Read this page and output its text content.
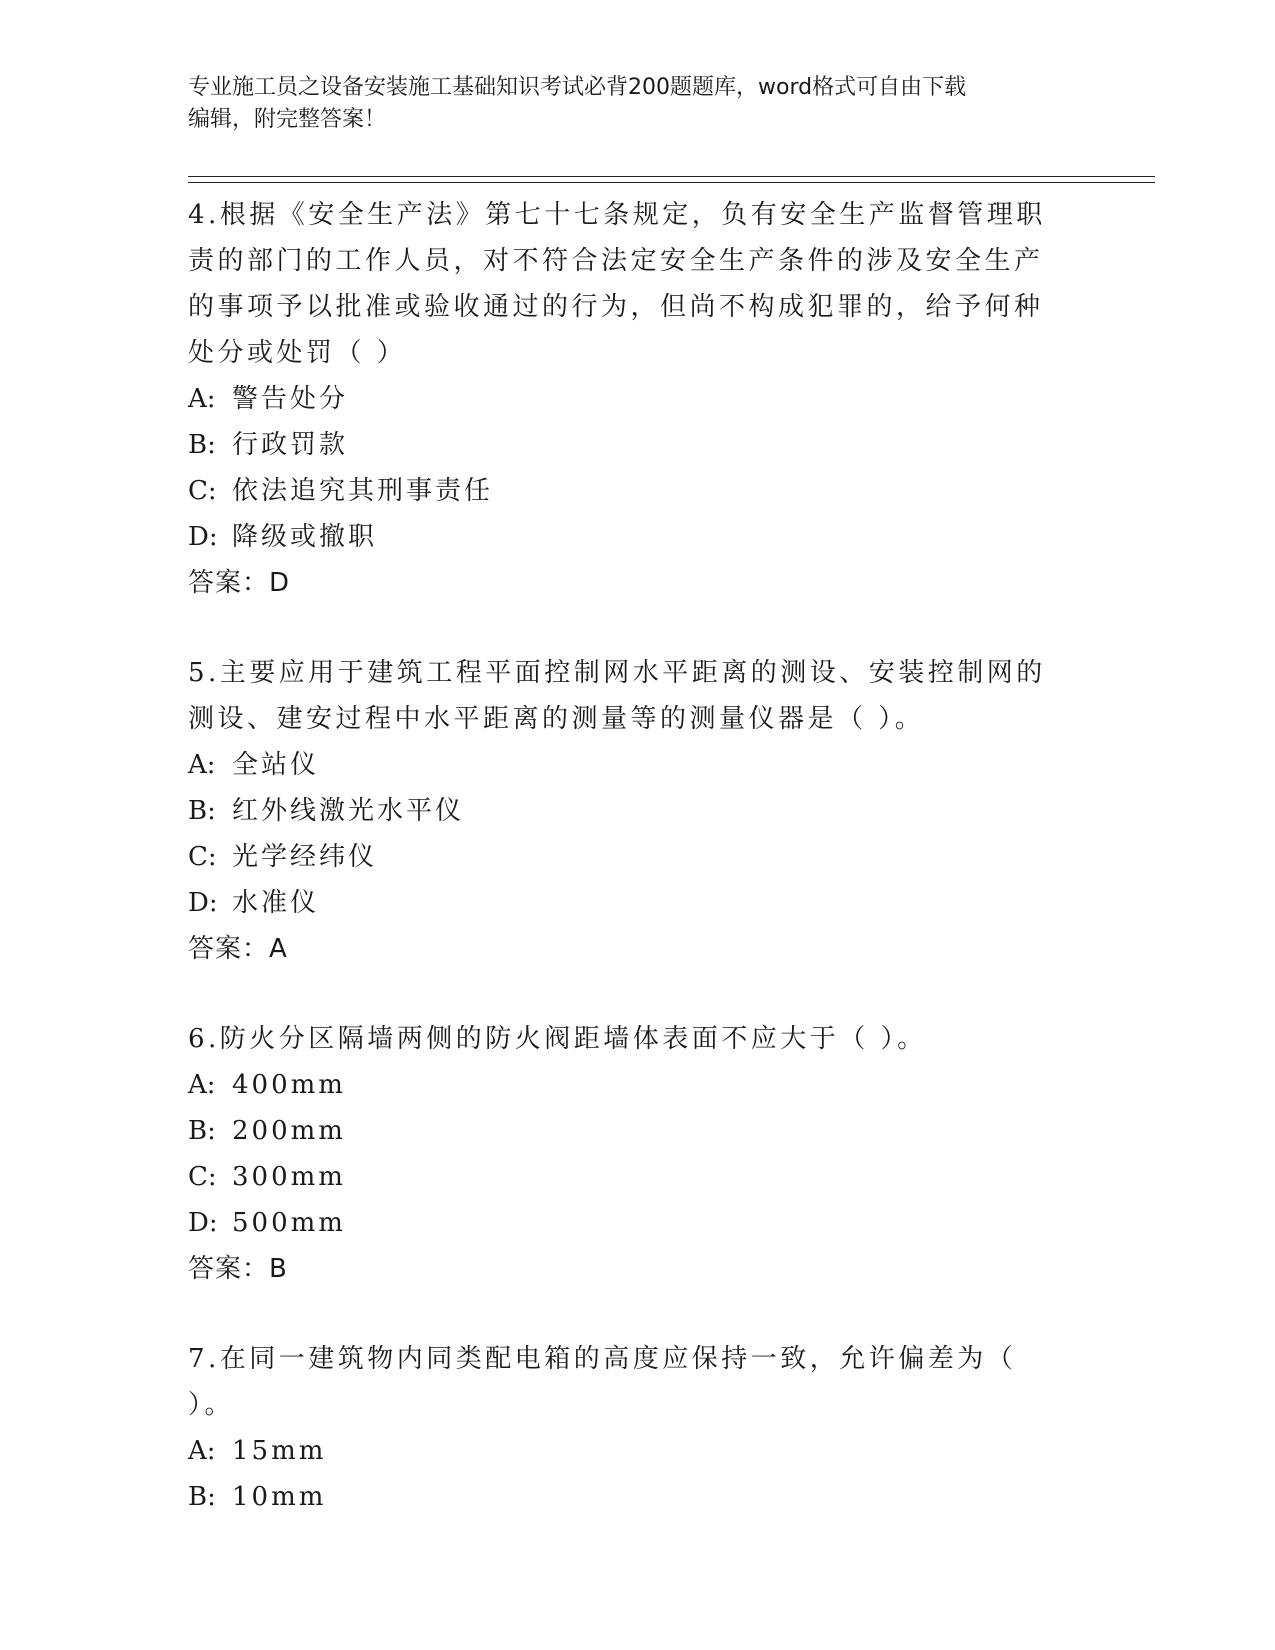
专业施工员之设备安装施工基础知识考试必背200题题库，word格式可自由下载
编辑，附完整答案！

4.根据《安全生产法》第七十七条规定，负有安全生产监督管理职责的部门的工作人员，对不符合法定安全生产条件的涉及安全生产的事项予以批准或验收通过的行为，但尚不构成犯罪的，给予何种处分或处罚（ ）

A: 警告处分

B: 行政罚款

C: 依法追究其刑事责任

D: 降级或撤职

答案：D

5.主要应用于建筑工程平面控制网水平距离的测设、安装控制网的测设、建安过程中水平距离的测量等的测量仪器是（ ）。

A: 全站仪

B: 红外线激光水平仪

C: 光学经纬仪

D: 水准仪

答案：A

6.防火分区隔墙两侧的防火阀距墙体表面不应大于（ ）。

A: 400mm

B: 200mm

C: 300mm

D: 500mm

答案：B

7.在同一建筑物内同类配电箱的高度应保持一致，允许偏差为（ ）。

A: 15mm

B: 10mm
